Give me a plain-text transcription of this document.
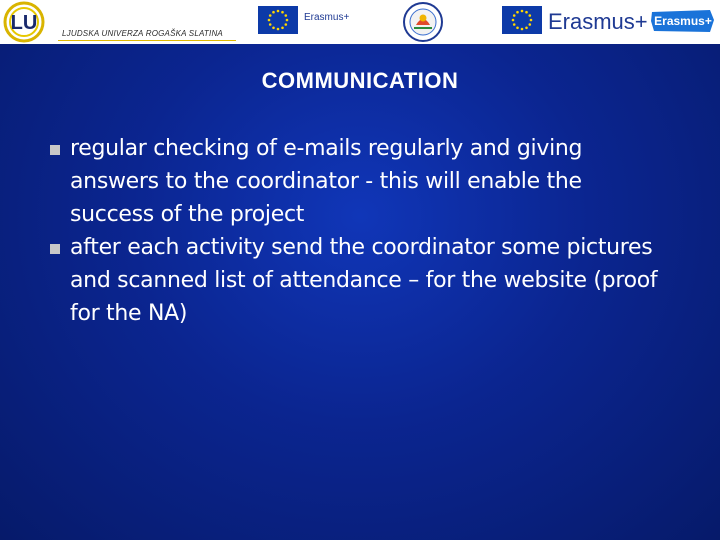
LU	LJUDSKA UNIVERZA ROGAŠKA SLATINA
Erasmus+	Erasmus+ Erasmus+
COMMUNICATION
regular checking of e-mails regularly and giving answers to the coordinator - this will enable the success of the project
after each activity send the coordinator some pictures and scanned list of attendance – for the website (proof for the NA)
